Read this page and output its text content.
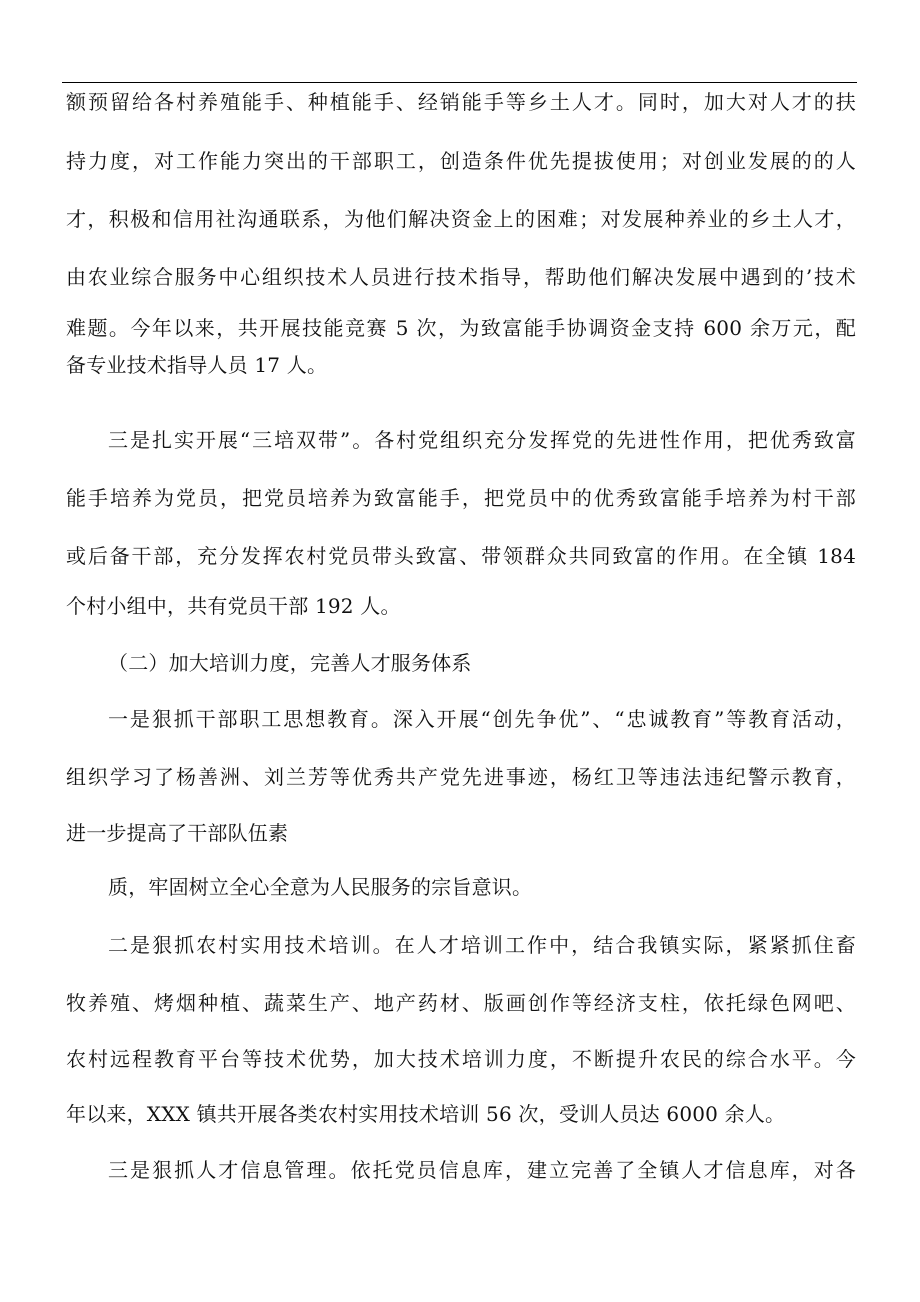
额预留给各村养殖能手、种植能手、经销能手等乡土人才。同时，加大对人才的扶
持力度，对工作能力突出的干部职工，创造条件优先提拔使用；对创业发展的的人
才，积极和信用社沟通联系，为他们解决资金上的困难；对发展种养业的乡土人才，
由农业综合服务中心组织技术人员进行技术指导，帮助他们解决发展中遇到的’技术
难题。今年以来，共开展技能竞赛 5 次，为致富能手协调资金支持 600 余万元，配
备专业技术指导人员 17 人。
三是扎实开展“三培双带”。各村党组织充分发挥党的先进性作用，把优秀致富
能手培养为党员，把党员培养为致富能手，把党员中的优秀致富能手培养为村干部
或后备干部，充分发挥农村党员带头致富、带领群众共同致富的作用。在全镇 184
个村小组中，共有党员干部 192 人。
（二）加大培训力度，完善人才服务体系
一是狠抓干部职工思想教育。深入开展“创先争优”、“忠诚教育”等教育活动，
组织学习了杨善洲、刘兰芳等优秀共产党先进事迹，杨红卫等违法违纪警示教育，
进一步提高了干部队伍素
质，牢固树立全心全意为人民服务的宗旨意识。
二是狠抓农村实用技术培训。在人才培训工作中，结合我镇实际，紧紧抓住畜
牧养殖、烤烟种植、蔬菜生产、地产药材、版画创作等经济支柱，依托绿色网吧、
农村远程教育平台等技术优势，加大技术培训力度，不断提升农民的综合水平。今
年以来，XXX 镇共开展各类农村实用技术培训 56 次，受训人员达 6000 余人。
三是狠抓人才信息管理。依托党员信息库，建立完善了全镇人才信息库，对各
